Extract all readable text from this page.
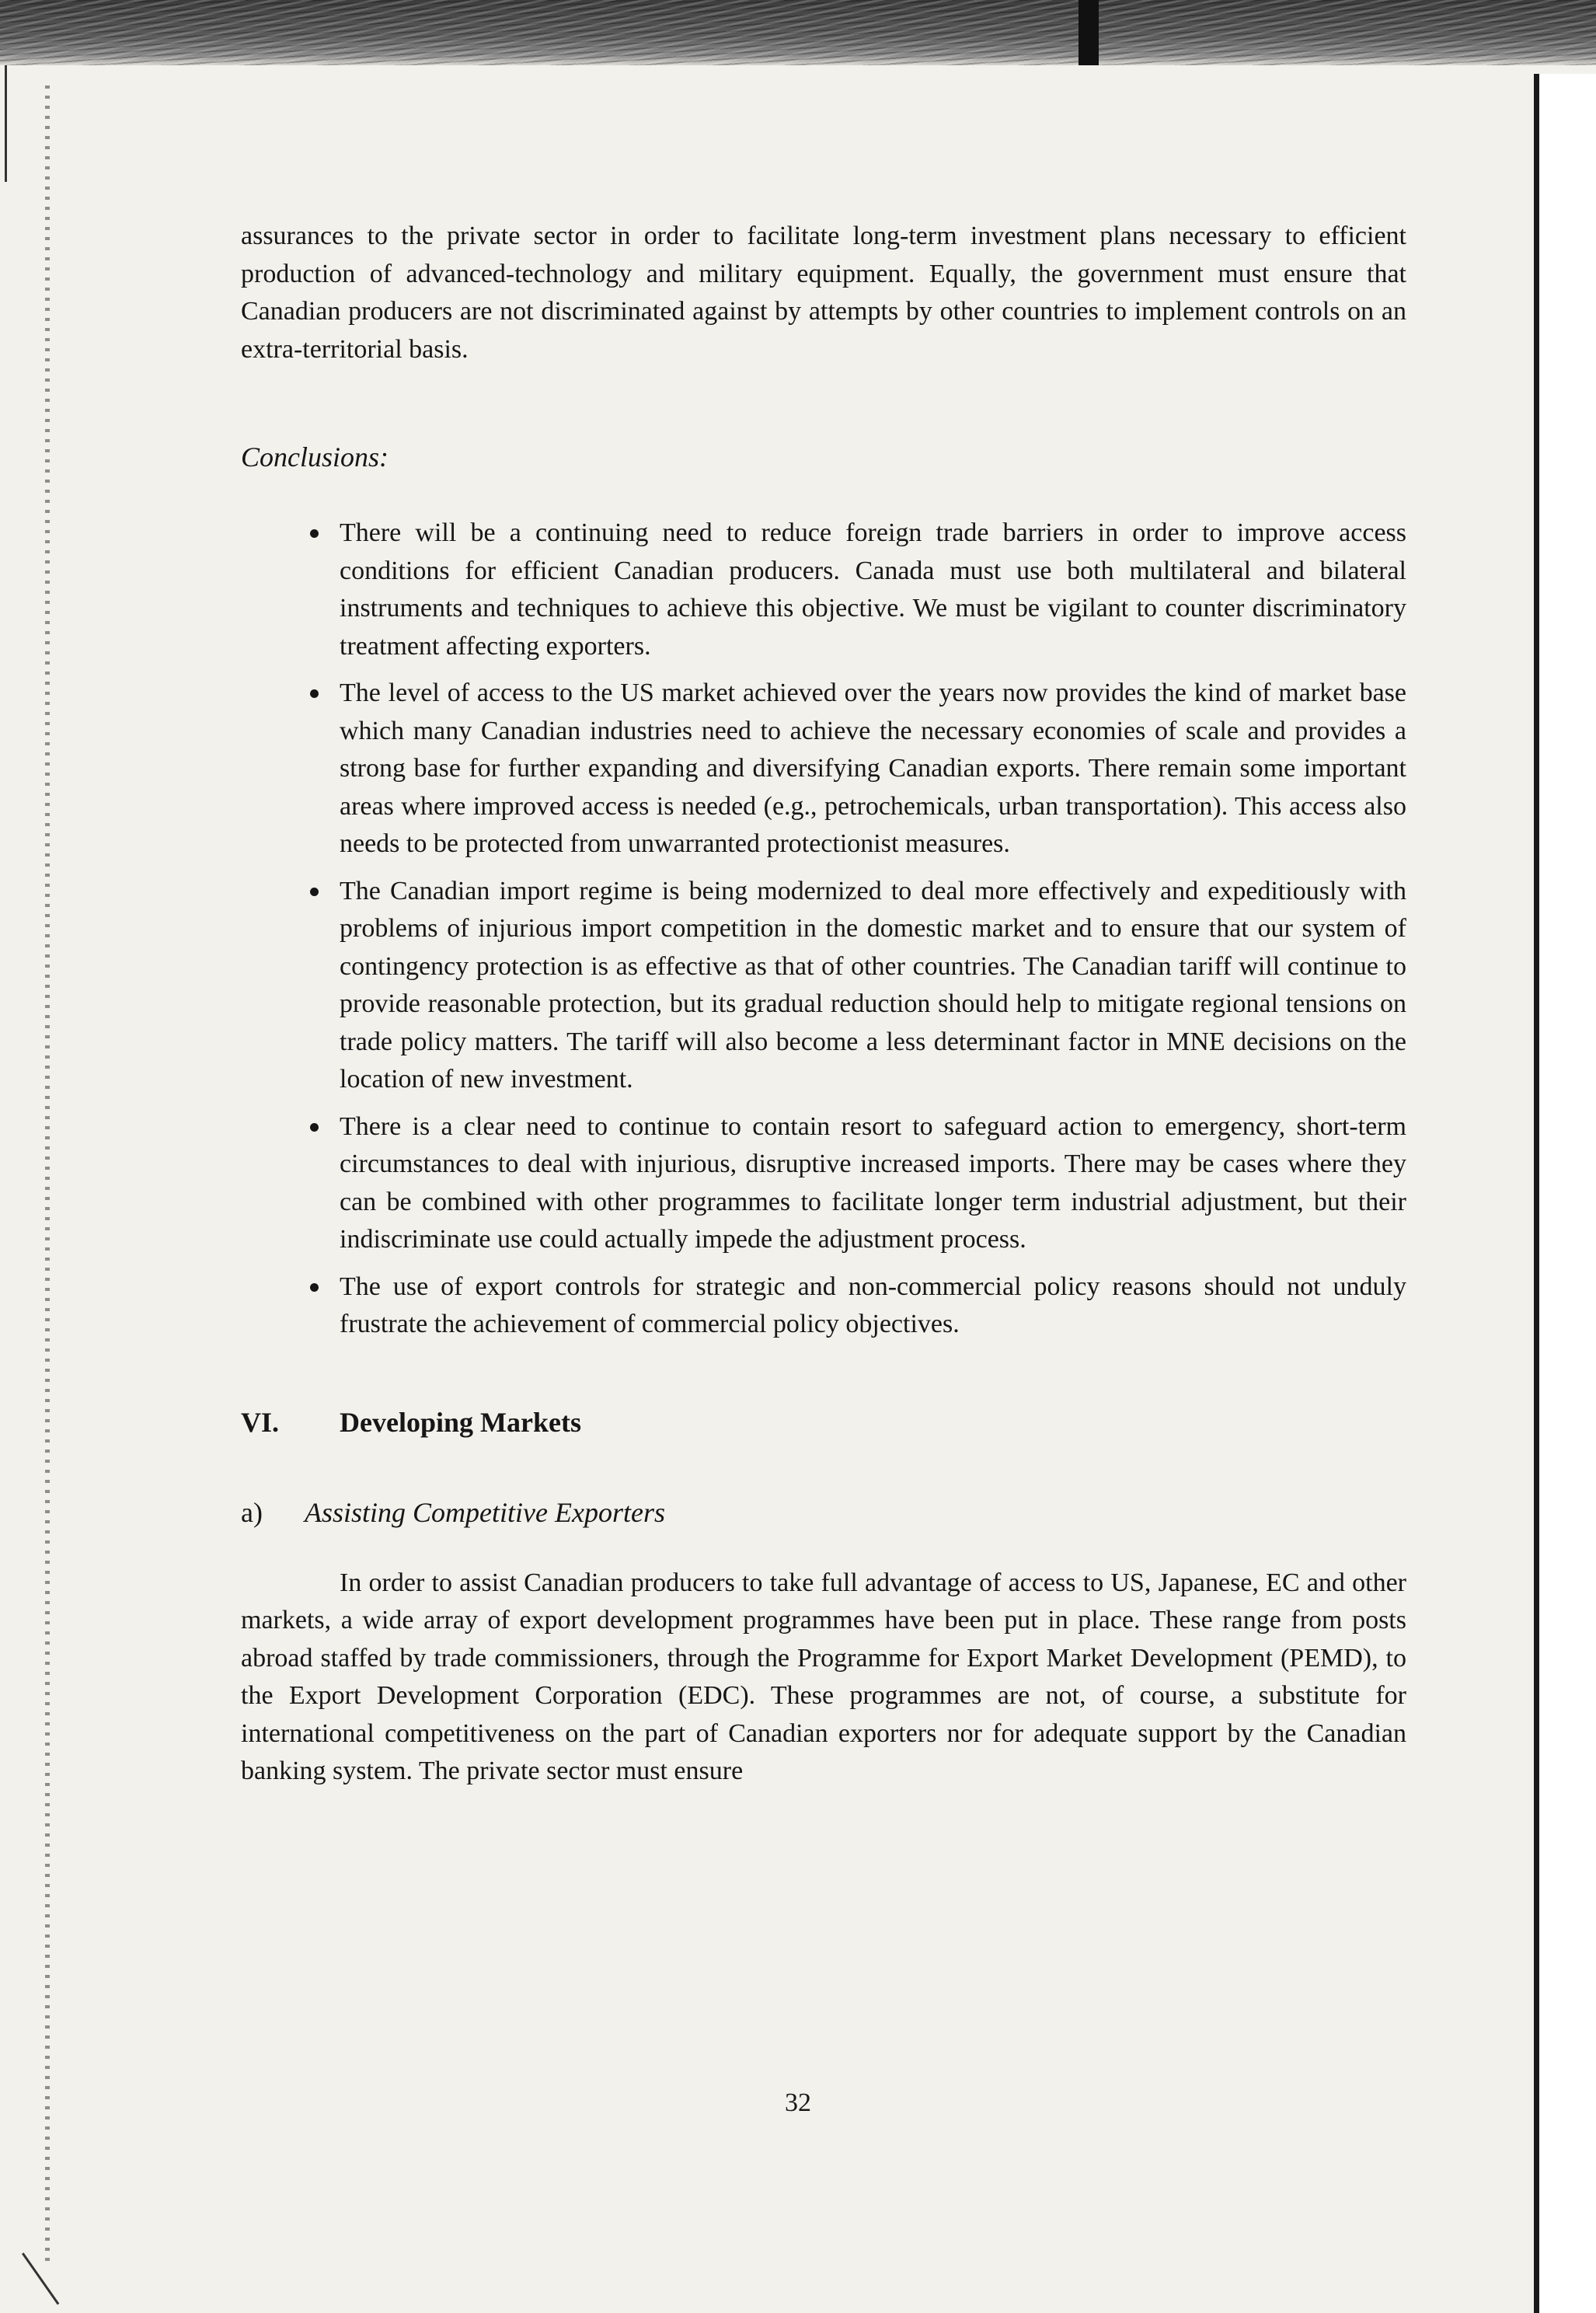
assurances to the private sector in order to facilitate long-term investment plans necessary to efficient production of advanced-technology and military equipment. Equally, the government must ensure that Canadian producers are not discriminated against by attempts by other countries to implement controls on an extra-territorial basis.

Conclusions:

There will be a continuing need to reduce foreign trade barriers in order to improve access conditions for efficient Canadian producers. Canada must use both multilateral and bilateral instruments and techniques to achieve this objective. We must be vigilant to counter discriminatory treatment affecting exporters.
The level of access to the US market achieved over the years now provides the kind of market base which many Canadian industries need to achieve the necessary economies of scale and provides a strong base for further expanding and diversifying Canadian exports. There remain some important areas where improved access is needed (e.g., petrochemicals, urban transportation). This access also needs to be protected from unwarranted protectionist measures.
The Canadian import regime is being modernized to deal more effectively and expeditiously with problems of injurious import competition in the domestic market and to ensure that our system of contingency protection is as effective as that of other countries. The Canadian tariff will continue to provide reasonable protection, but its gradual reduction should help to mitigate regional tensions on trade policy matters. The tariff will also become a less determinant factor in MNE decisions on the location of new investment.
There is a clear need to continue to contain resort to safeguard action to emergency, short-term circumstances to deal with injurious, disruptive increased imports. There may be cases where they can be combined with other programmes to facilitate longer term industrial adjustment, but their indiscriminate use could actually impede the adjustment process.
The use of export controls for strategic and non-commercial policy reasons should not unduly frustrate the achievement of commercial policy objectives.

VI.	Developing Markets

a)	Assisting Competitive Exporters

In order to assist Canadian producers to take full advantage of access to US, Japanese, EC and other markets, a wide array of export development programmes have been put in place. These range from posts abroad staffed by trade commissioners, through the Programme for Export Market Development (PEMD), to the Export Development Corporation (EDC). These programmes are not, of course, a substitute for international competitiveness on the part of Canadian exporters nor for adequate support by the Canadian banking system. The private sector must ensure

32
